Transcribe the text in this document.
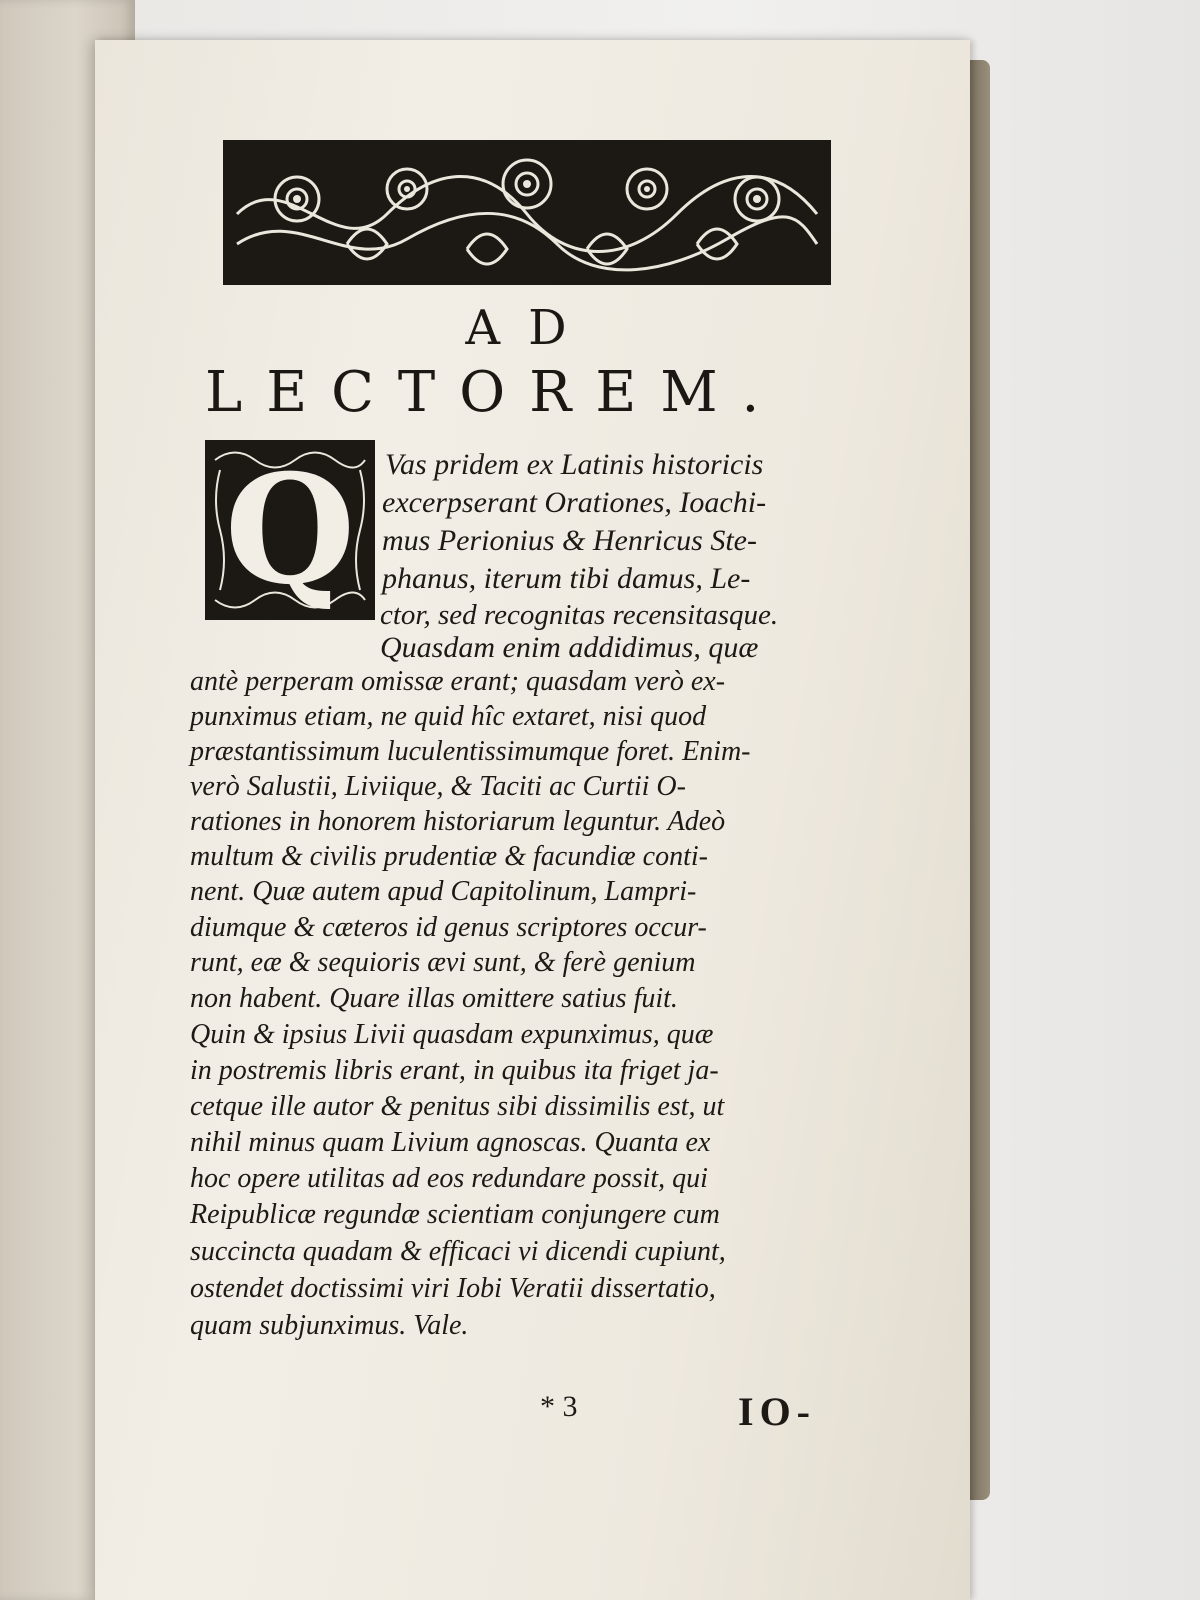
AD
LECTOREM.
Q Vas pridem ex Latinis historicis
excerpserant Orationes, Ioachi-
mus Perionius & Henricus Ste-
phanus, iterum tibi damus, Le-
ctor, sed recognitas recensitasque.
Quasdam enim addidimus, quæ
antè perperam omissæ erant; quasdam verò ex-
punximus etiam, ne quid hîc extaret, nisi quod
præstantissimum luculentissimumque foret. Enim-
verò Salustii, Liviique, & Taciti ac Curtii O-
rationes in honorem historiarum leguntur. Adeò
multum & civilis prudentiæ & facundiæ conti-
nent. Quæ autem apud Capitolinum, Lampri-
diumque & cæteros id genus scriptores occur-
runt, eæ & sequioris ævi sunt, & ferè genium
non habent. Quare illas omittere satius fuit.
Quin & ipsius Livii quasdam expunximus, quæ
in postremis libris erant, in quibus ita friget ja-
cetque ille autor & penitus sibi dissimilis est, ut
nihil minus quam Livium agnoscas. Quanta ex
hoc opere utilitas ad eos redundare possit, qui
Reipublicæ regundæ scientiam conjungere cum
succincta quadam & efficaci vi dicendi cupiunt,
ostendet doctissimi viri Iobi Veratii dissertatio,
quam subjunximus. Vale.
* 3	IO-
